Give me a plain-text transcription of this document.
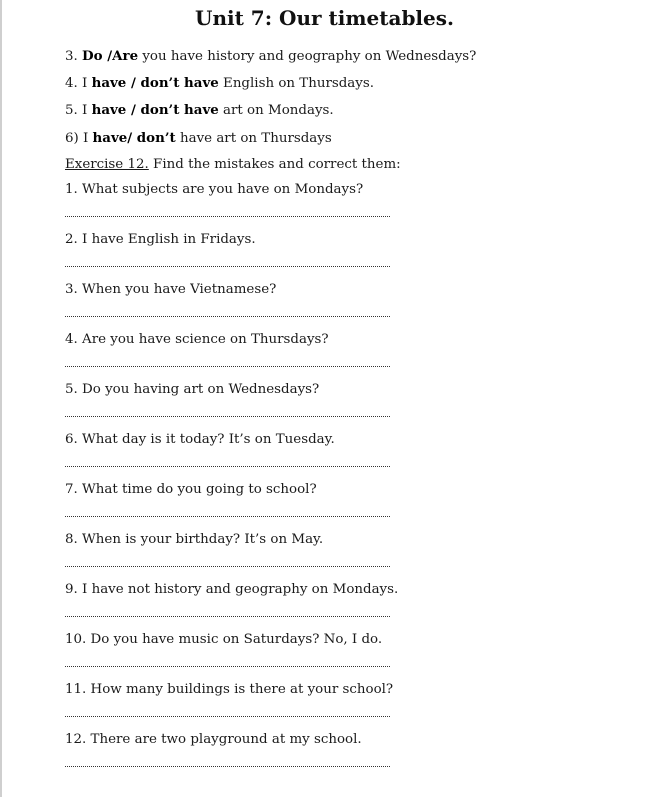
Unit 7: Our timetables.
3. Do /Are you have history and geography on Wednesdays?
4. I have / don’t have English on Thursdays.
5. I have / don’t have art on Mondays.
6) I have/ don’t have art on Thursdays
Exercise 12. Find the mistakes and correct them:
1. What subjects are you have on Mondays?
2. I have English in Fridays.
3. When you have Vietnamese?
4. Are you have science on Thursdays?
5. Do you having art on Wednesdays?
6. What day is it today? It’s on Tuesday.
7. What time do you going to school?
8. When is your birthday? It’s on May.
9. I have not history and geography on Mondays.
10. Do you have music on Saturdays? No, I do.
11. How many buildings is there at your school?
12. There are two playground at my school.
